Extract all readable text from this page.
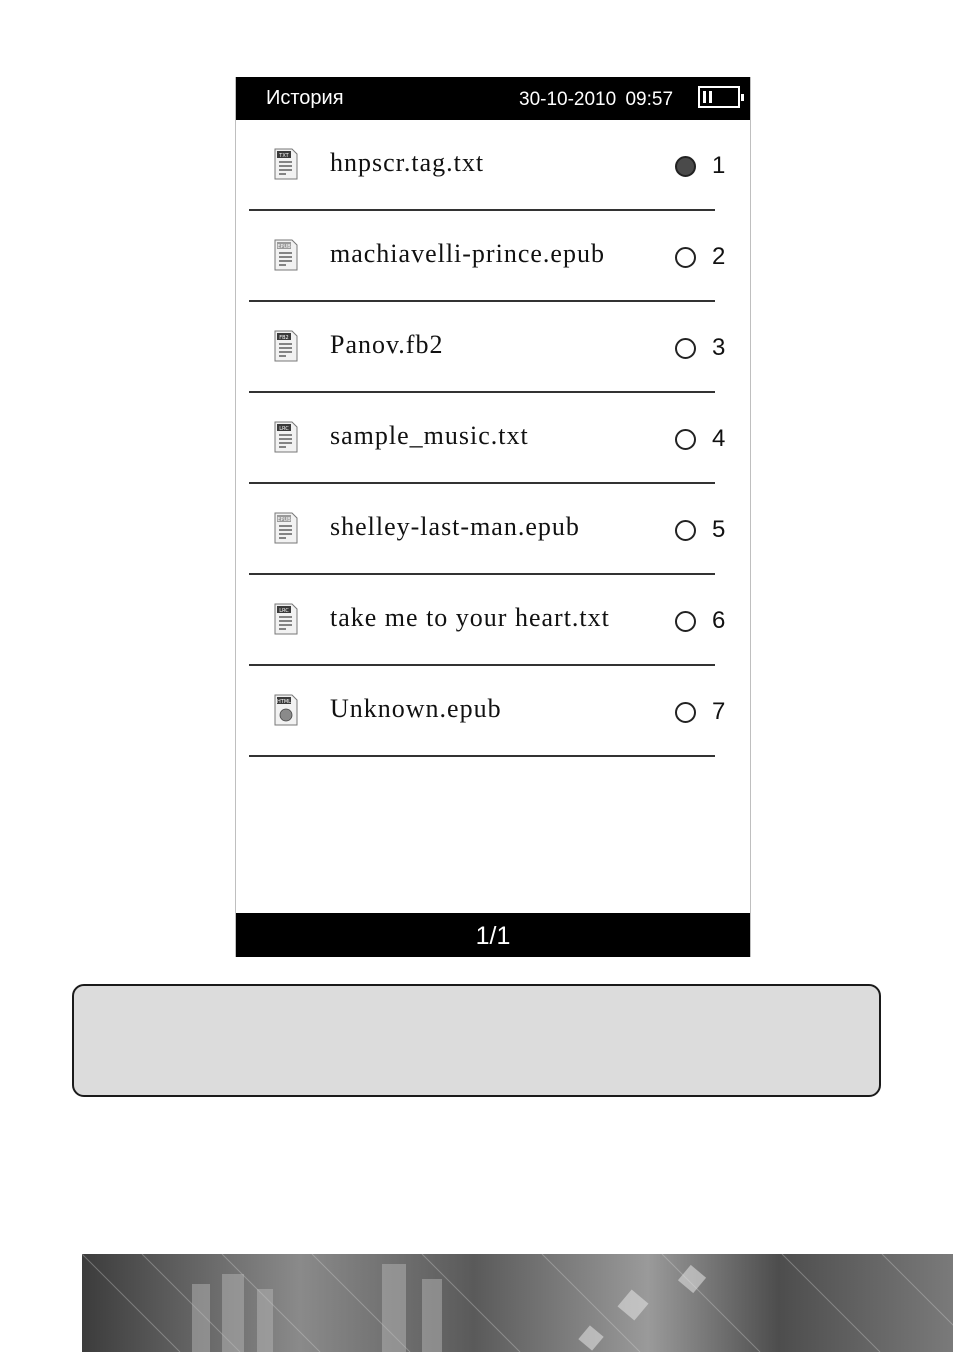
История	30-10-2010 09:57
TXT hnpscr.tag.txt	1
EPUB machiavelli-prince.epub	2
FB2 Panov.fb2	3
LRC sample_music.txt	4
EPUB shelley-last-man.epub	5
LRC take me to your heart.txt	6
HTML Unknown.epub	7
1/1
